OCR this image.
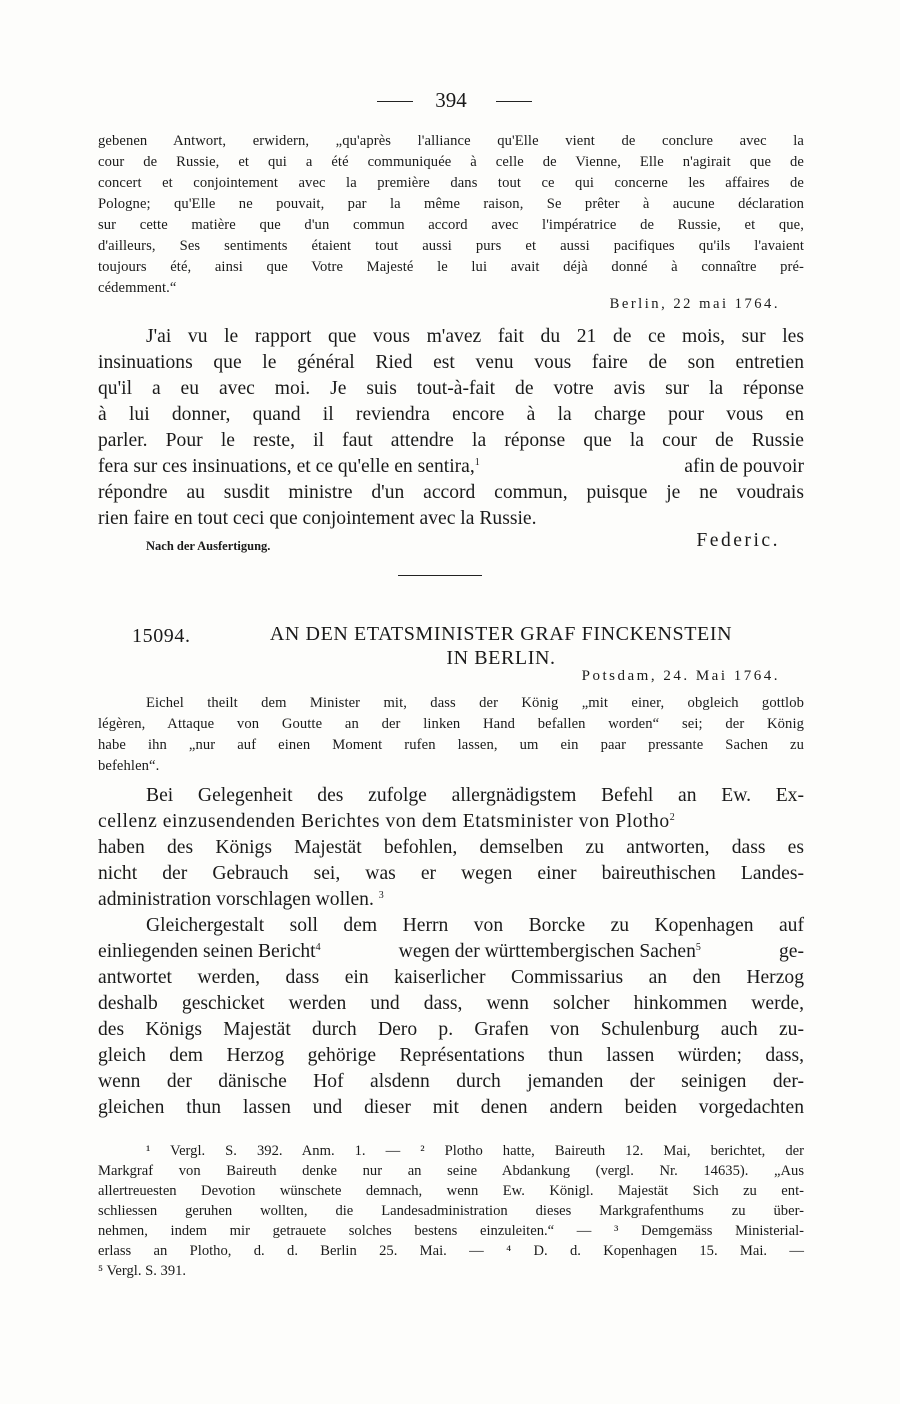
394
gebenen Antwort, erwidern, „qu'après l'alliance qu'Elle vient de conclure avec la
cour de Russie, et qui a été communiquée à celle de Vienne, Elle n'agirait que de
concert et conjointement avec la première dans tout ce qui concerne les affaires de
Pologne; qu'Elle ne pouvait, par la même raison, Se prêter à aucune déclaration
sur cette matière que d'un commun accord avec l'impératrice de Russie, et que,
d'ailleurs, Ses sentiments étaient tout aussi purs et aussi pacifiques qu'ils l'avaient
toujours été, ainsi que Votre Majesté le lui avait déjà donné à connaître pré-
cédemment.“
Berlin, 22 mai 1764.
J'ai vu le rapport que vous m'avez fait du 21 de ce mois, sur les
insinuations que le général Ried est venu vous faire de son entretien
qu'il a eu avec moi. Je suis tout-à-fait de votre avis sur la réponse
à lui donner, quand il reviendra encore à la charge pour vous en
parler. Pour le reste, il faut attendre la réponse que la cour de Russie
fera sur ces insinuations, et ce qu'elle en sentira,$^1$	afin de pouvoir
répondre au susdit ministre d'un accord commun, puisque je ne voudrais
rien faire en tout ceci que conjointement avec la Russie.
Nach der Ausfertigung.	Federic.
15094.	AN DEN ETATSMINISTER GRAF FINCKENSTEIN
IN BERLIN.
Potsdam, 24. Mai 1764.
Eichel theilt dem Minister mit, dass der König „mit einer, obgleich gottlob
légèren, Attaque von Goutte an der linken Hand befallen worden“ sei; der König
habe ihn „nur auf einen Moment rufen lassen, um ein paar pressante Sachen zu
befehlen“.
Bei Gelegenheit des zufolge allergnädigstem Befehl an Ew. Ex-
cellenz einzusendenden Berichtes von dem Etatsminister von Plotho$^2$
haben des Königs Majestät befohlen, demselben zu antworten, dass es
nicht der Gebrauch sei, was er wegen einer baireuthischen Landes-
administration vorschlagen wollen. $^3$
Gleichergestalt soll dem Herrn von Borcke zu Kopenhagen auf
einliegenden seinen Bericht$^4$	wegen der württembergischen Sachen$^5$	ge-
antwortet werden, dass ein kaiserlicher Commissarius an den Herzog
deshalb geschicket werden und dass, wenn solcher hinkommen werde,
des Königs Majestät durch Dero p. Grafen von Schulenburg auch zu-
gleich dem Herzog gehörige Représentations thun lassen würden; dass,
wenn der dänische Hof alsdenn durch jemanden der seinigen der-
gleichen thun lassen und dieser mit denen andern beiden vorgedachten
¹ Vergl. S. 392. Anm. 1. — ² Plotho hatte, Baireuth 12. Mai, berichtet, der
Markgraf von Baireuth denke nur an seine Abdankung (vergl. Nr. 14635). „Aus
allertreuesten Devotion wünschete demnach, wenn Ew. Königl. Majestät Sich zu ent-
schliessen geruhen wollten, die Landesadministration dieses Markgrafenthums zu über-
nehmen, indem mir getrauete solches bestens einzuleiten.“ — ³ Demgemäss Ministerial-
erlass an Plotho, d. d. Berlin 25. Mai. — ⁴ D. d. Kopenhagen 15. Mai. —
⁵ Vergl. S. 391.
